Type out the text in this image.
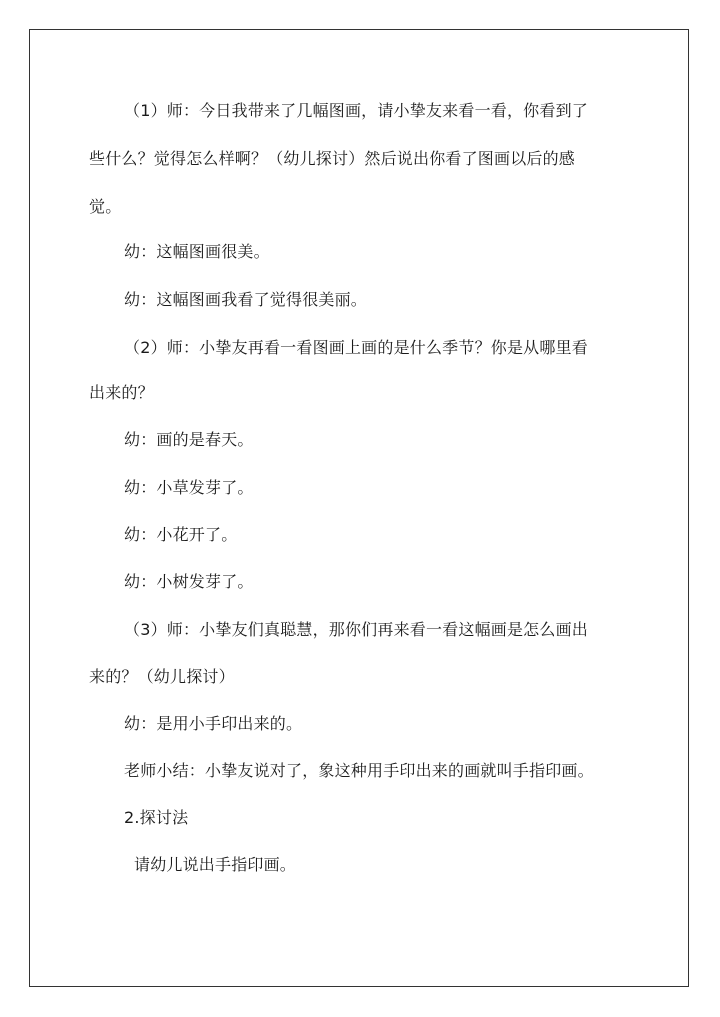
（1）师：今日我带来了几幅图画，请小挚友来看一看，你看到了
些什么？觉得怎么样啊？（幼儿探讨）然后说出你看了图画以后的感
觉。
幼：这幅图画很美。
幼：这幅图画我看了觉得很美丽。
（2）师：小挚友再看一看图画上画的是什么季节？你是从哪里看
出来的？
幼：画的是春天。
幼：小草发芽了。
幼：小花开了。
幼：小树发芽了。
（3）师：小挚友们真聪慧，那你们再来看一看这幅画是怎么画出
来的？（幼儿探讨）
幼：是用小手印出来的。
老师小结：小挚友说对了，象这种用手印出来的画就叫手指印画。
2.探讨法
请幼儿说出手指印画。
